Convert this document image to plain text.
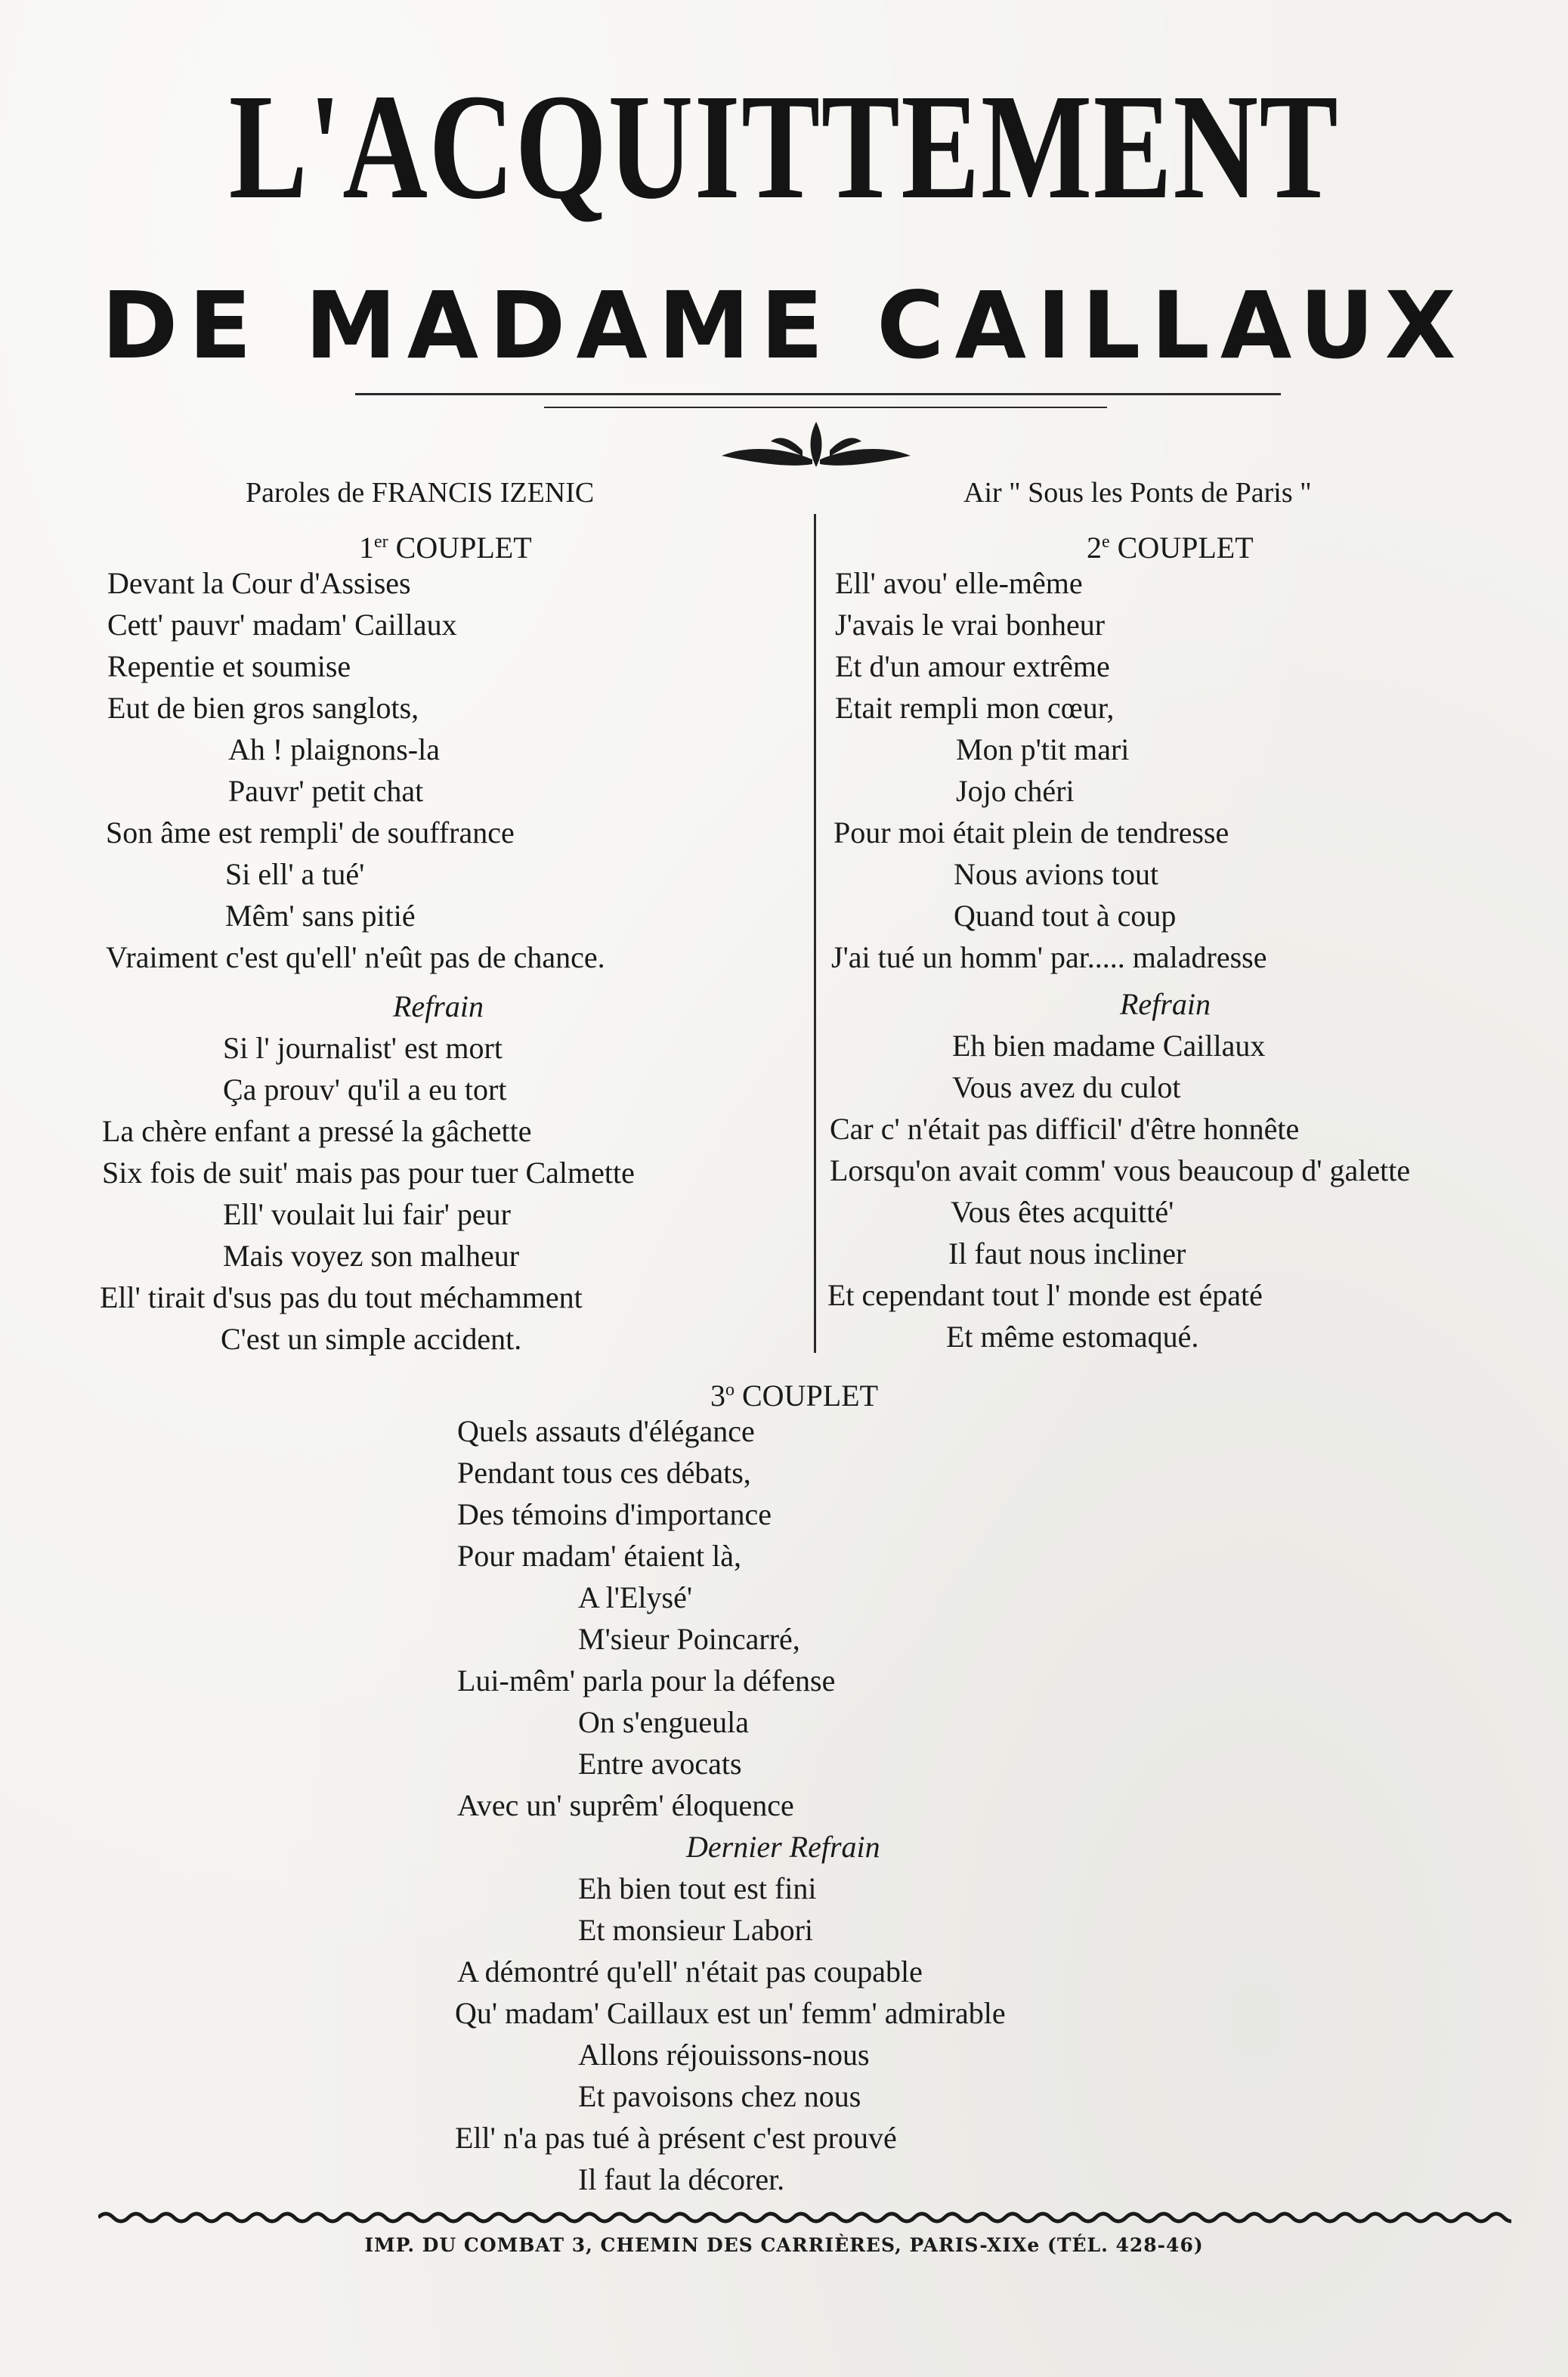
L'ACQUITTEMENT
DE MADAME CAILLAUX
Paroles de FRANCIS IZENIC	Air " Sous les Ponts de Paris "
1er COUPLET
Devant la Cour d'Assises
Cett' pauvr' madam' Caillaux
Repentie et soumise
Eut de bien gros sanglots,
Ah ! plaignons-la
Pauvr' petit chat
Son âme est rempli' de souffrance
Si ell' a tué'
Mêm' sans pitié
Vraiment c'est qu'ell' n'eût pas de chance.
Refrain
Si l' journalist' est mort
Ça prouv' qu'il a eu tort
La chère enfant a pressé la gâchette
Six fois de suit' mais pas pour tuer Calmette
Ell' voulait lui fair' peur
Mais voyez son malheur
Ell' tirait d'sus pas du tout méchamment
C'est un simple accident.
2e COUPLET
Ell' avou' elle-même
J'avais le vrai bonheur
Et d'un amour extrême
Etait rempli mon cœur,
Mon p'tit mari
Jojo chéri
Pour moi était plein de tendresse
Nous avions tout
Quand tout à coup
J'ai tué un homm' par..... maladresse
Refrain
Eh bien madame Caillaux
Vous avez du culot
Car c' n'était pas difficil' d'être honnête
Lorsqu'on avait comm' vous beaucoup d' galette
Vous êtes acquitté'
Il faut nous incliner
Et cependant tout l' monde est épaté
Et même estomaqué.
3$^o$ COUPLET
Quels assauts d'élégance
Pendant tous ces débats,
Des témoins d'importance
Pour madam' étaient là,
A l'Elysé'
M'sieur Poincarré,
Lui-mêm' parla pour la défense
On s'engueula
Entre avocats
Avec un' suprêm' éloquence
Dernier Refrain
Eh bien tout est fini
Et monsieur Labori
A démontré qu'ell' n'était pas coupable
Qu' madam' Caillaux est un' femm' admirable
Allons réjouissons-nous
Et pavoisons chez nous
Ell' n'a pas tué à présent c'est prouvé
Il faut la décorer.
IMP. DU COMBAT 3, CHEMIN DES CARRIÈRES, PARIS-XIXe (TÉL. 428-46)
